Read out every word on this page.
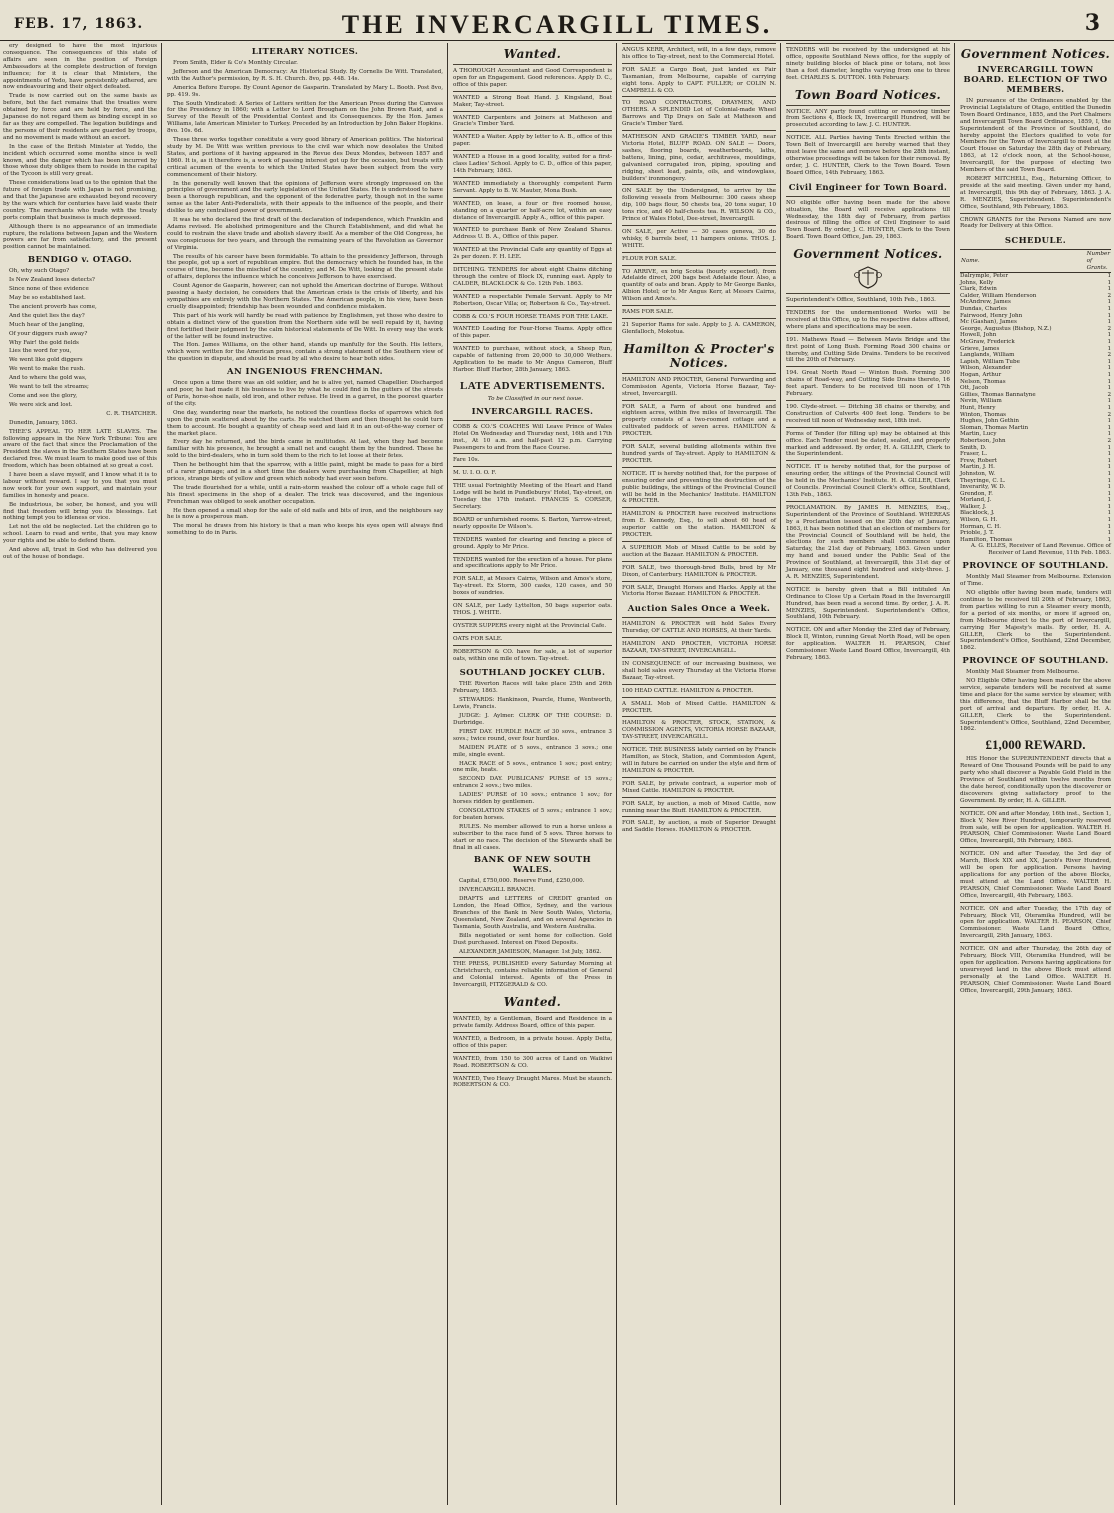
FEB. 17, 1863.	THE INVERCARGILL TIMES.	3
ery designed to have the most injurious consequence. The consequences of this state of affairs are seen in the position of Foreign Ambassadors at the complete destruction of foreign influence; for it is clear that Ministers, the appointments of Yedo, have persistently adhered, are now endeavouring and their object defeated.
Trade is now carried out on the same basis as before, but the fact remains that the treaties were obtained by force and are held by force, and the Japanese do not regard them as binding except in so far as they are compelled. The legation buildings and the persons of their residents are guarded by troops, and no movement is made without an escort.
In the case of the British Minister at Yeddo, the incident which occurred some months since is well known, and the danger which has been incurred by those whose duty obliges them to reside in the capital of the Tycoon is still very great.
These considerations lead us to the opinion that the future of foreign trade with Japan is not promising, and that the Japanese are exhausted beyond recovery by the wars which for centuries have laid waste their country. The merchants who trade with the treaty ports complain that business is much depressed.
Although there is no appearance of an immediate rupture, the relations between Japan and the Western powers are far from satisfactory, and the present position cannot be maintained.
BENDIGO v. OTAGO.
Oh, why such Otago?
Is New Zealand loses detects?
Since none of thee evidence
May be so established last.
The ancient proverb has come,
And the quiet lies the day?
Much hear of the jangling,
Of your diggers rush away?
Why Fair! the gold fields
Lies the word for you,
We went like gold diggers
We went to make the rush.
And to where the gold was,
We want to tell the streams;
Come and see the glory,
We were sick and lost.
C. R. THATCHER.
Dunedin, January, 1863.
THEE'S APPEAL TO HER LATE SLAVES. The following appears in the New York Tribune: You are aware of the fact that since the Proclamation of the President the slaves in the Southern States have been declared free. We must learn to make good use of this freedom, which has been obtained at so great a cost.
I have been a slave myself, and I know what it is to labour without reward. I say to you that you must now work for your own support, and maintain your families in honesty and peace.
Be industrious, be sober, be honest, and you will find that freedom will bring you its blessings. Let nothing tempt you to idleness or vice.
Let not the old be neglected. Let the children go to school. Learn to read and write, that you may know your rights and be able to defend them.
And above all, trust in God who has delivered you out of the house of bondage.
LITERARY NOTICES.
From Smith, Elder & Co's Monthly Circular.
Jefferson and the American Democracy: An Historical Study. By Cornelis De Witt. Translated, with the Author's permission, by R. S. H. Church. 8vo, pp. 448. 14s.
America Before Europe. By Count Agenor de Gasparin. Translated by Mary L. Booth. Post 8vo, pp. 419. 9s.
The South Vindicated: A Series of Letters written for the American Press during the Canvass for the Presidency in 1860; with a Letter to Lord Brougham on the John Brown Raid, and a Survey of the Result of the Presidential Contest and its Consequences. By the Hon. James Williams, late American Minister to Turkey. Preceded by an Introduction by John Baker Hopkins. 8vo. 10s. 6d.
These three works together constitute a very good library of American politics. The historical study by M. De Witt was written previous to the civil war which now desolates the United States, and portions of it having appeared in the Revue des Deux Mondes, between 1857 and 1860. It is, as it therefore is, a work of passing interest got up for the occasion, but treats with critical acumen of the events to which the United States have been subject from the very commencement of their history.
In the generally well known that the opinions of Jefferson were strongly impressed on the principles of government and the early legislation of the United States. He is understood to have been a thorough republican, and the opponent of the federative party, though not in the same sense as the later Anti-Federalists, with their appeals to the influence of the people, and their dislike to any centralised power of government.
It was he who declared the first draft of the declaration of independence, which Franklin and Adams revised. He abolished primogeniture and the Church Establishment, and did what he could to restrain the slave trade and abolish slavery itself. As a member of the Old Congress, he was conspicuous for two years, and through the remaining years of the Revolution as Governor of Virginia.
The results of his career have been formidable. To attain to the presidency Jefferson, through the people, got up a sort of republican empire. But the democracy which he founded has, in the course of time, become the mischief of the country; and M. De Witt, looking at the present state of affairs, deplores the influence which he conceives Jefferson to have exercised.
Count Agenor de Gasparin, however, can not uphold the American doctrine of Europe. Without passing a hasty decision, he considers that the American crisis is the crisis of liberty, and his sympathies are entirely with the Northern States. The American people, in his view, have been cruelly disappointed; friendship has been wounded and confidence mistaken.
This part of his work will hardly be read with patience by Englishmen, yet those who desire to obtain a distinct view of the question from the Northern side will be well repaid by it, having first fortified their judgment by the calm historical statements of De Witt. In every way the work of the latter will be found instructive.
The Hon. James Williams, on the other hand, stands up manfully for the South. His letters, which were written for the American press, contain a strong statement of the Southern view of the question in dispute, and should be read by all who desire to hear both sides.
AN INGENIOUS FRENCHMAN.
Once upon a time there was an old soldier, and he is alive yet, named Chapellier. Discharged and poor, he had made it his business to live by what he could find in the gutters of the streets of Paris, horse-shoe nails, old iron, and other refuse. He lived in a garret, in the poorest quarter of the city.
One day, wandering near the markets, he noticed the countless flocks of sparrows which fed upon the grain scattered about by the carts. He watched them and then thought he could turn them to account. He bought a quantity of cheap seed and laid it in an out-of-the-way corner of the market place.
Every day he returned, and the birds came in multitudes. At last, when they had become familiar with his presence, he brought a small net and caught them by the hundred. These he sold to the bird-dealers, who in turn sold them to the rich to let loose at their fetes.
Then he bethought him that the sparrow, with a little paint, might be made to pass for a bird of a rarer plumage; and in a short time the dealers were purchasing from Chapellier, at high prices, strange birds of yellow and green which nobody had ever seen before.
The trade flourished for a while, until a rain-storm washed the colour off a whole cage full of his finest specimens in the shop of a dealer. The trick was discovered, and the ingenious Frenchman was obliged to seek another occupation.
He then opened a small shop for the sale of old nails and bits of iron, and the neighbours say he is now a prosperous man.
The moral he draws from his history is that a man who keeps his eyes open will always find something to do in Paris.
Wanted.
A THOROUGH Accountant and Good Correspondent is open for an Engagement. Good references. Apply D. C., office of this paper.
WANTED a Strong Boat Hand. J. Kingsland, Boat Maker, Tay-street.
WANTED Carpenters and Joiners at Matheson and Gracie's Timber Yard.
WANTED a Waiter. Apply by letter to A. B., office of this paper.
WANTED a House in a good locality, suited for a first-class Ladies' School. Apply to C. D., office of this paper, 14th February, 1863.
WANTED immediately a thoroughly competent Farm Servant. Apply to B. W. Mauter, Mona Bush.
WANTED, on lease, a four or five roomed house, standing on a quarter or half-acre lot, within an easy distance of Invercargill. Apply A., office of this paper.
WANTED to purchase Bank of New Zealand Shares. Address U. B. A., Office of this paper.
WANTED at the Provincial Cafe any quantity of Eggs at 2s per dozen. F. H. LEE.
DITCHING. TENDERS for about eight Chains ditching through the centre of Block IX, running east. Apply to CALDER, BLACKLOCK & Co. 12th Feb. 1863.
WANTED a respectable Female Servant. Apply to Mr Robertson, Oscar Villa; or, Robertson & Co., Tay-street.
COBB & CO.'S FOUR HORSE TEAMS FOR THE LAKE.
WANTED Loading for Four-Horse Teams. Apply office of this paper.
WANTED to purchase, without stock, a Sheep Run, capable of fattening from 20,000 to 30,000 Wethers. Application to be made to Mr Angus Cameron, Bluff Harbor. Bluff Harbor, 28th January, 1863.
LATE ADVERTISEMENTS.
To be Classified in our next issue.
INVERCARGILL RACES.
COBB & CO.'S COACHES Will Leave Prince of Wales Hotel On Wednesday and Thursday next, 16th and 17th inst., At 10 a.m. and half-past 12 p.m. Carrying Passengers to and from the Race Course.
Fare 10s.
M. U. I. O. O. F.
THE usual Fortnightly Meeting of the Heart and Hand Lodge will be held in Pundleburys' Hotel, Tay-street, on Tuesday the 17th instant. FRANCIS S. CORSER, Secretary.
BOARD or unfurnished rooms. S. Barton, Yarrow-street, nearly opposite Dr Wilson's.
TENDERS wanted for clearing and fencing a piece of ground. Apply to Mr Price.
TENDERS wanted for the erection of a house. For plans and specifications apply to Mr Price.
FOR SALE, at Messrs Cairns, Wilson and Amos's store, Tay-street. Ex Storm, 300 casks, 120 cases, and 50 boxes of sundries.
ON SALE, per Lady Lyttelton, 50 bags superior oats. THOS. J. WHITE.
OYSTER SUPPERS every night at the Provincial Cafe.
OATS FOR SALE.
ROBERTSON & CO. have for sale, a lot of superior oats, within one mile of town. Tay-street.
SOUTHLAND JOCKEY CLUB.
THE Riverton Races will take place 25th and 26th February, 1863.
STEWARDS: Hankinson, Pearcle, Hume, Wentworth, Lewis, Francis.
JUDGE: J. Aylmer. CLERK OF THE COURSE: D. Durbridge.
FIRST DAY. HURDLE RACE of 30 sovs., entrance 3 sovs.; twice round, over four hurdles.
MAIDEN PLATE of 5 sovs., entrance 3 sovs.; one mile, single event.
HACK RACE of 5 sovs., entrance 1 sov.; post entry; one mile, heats.
SECOND DAY. PUBLICANS' PURSE of 15 sovs.; entrance 2 sovs.; two miles.
LADIES' PURSE of 10 sovs.; entrance 1 sov.; for horses ridden by gentlemen.
CONSOLATION STAKES of 5 sovs.; entrance 1 sov.; for beaten horses.
RULES. No member allowed to run a horse unless a subscriber to the race fund of 5 sovs. Three horses to start or no race. The decision of the Stewards shall be final in all cases.
BANK OF NEW SOUTH WALES.
Capital, £750,000. Reserve Fund, £250,000.
INVERCARGILL BRANCH.
DRAFTS and LETTERS of CREDIT granted on London, the Head Office, Sydney, and the various Branches of the Bank in New South Wales, Victoria, Queensland, New Zealand, and on several Agencies in Tasmania, South Australia, and Western Australia.
Bills negotiated or sent home for collection. Gold Dust purchased. Interest on Fixed Deposits.
ALEXANDER JAMIESON, Manager. 1st July, 1862.
THE PRESS, PUBLISHED every Saturday Morning at Christchurch, contains reliable information of General and Colonial interest. Agents of the Press in Invercargill, FITZGERALD & CO.
Wanted.
WANTED, by a Gentleman, Board and Residence in a private family. Address Board, office of this paper.
WANTED, a Bedroom, in a private house. Apply Delta, office of this paper.
WANTED, from 150 to 300 acres of Land on Waikiwi Road. ROBERTSON & CO.
WANTED, Two Heavy Draught Mares. Must be staunch. ROBERTSON & CO.
ANGUS KERR, Architect, will, in a few days, remove his office to Tay-street, next to the Commercial Hotel.
FOR SALE a Cargo Boat, just landed ex Fair Tasmanian, from Melbourne, capable of carrying eight tons. Apply to CAPT. FULLER; or COLIN N. CAMPBELL & CO.
TO ROAD CONTRACTORS, DRAYMEN, AND OTHERS. A SPLENDID Lot of Colonial-made Wheel Barrows and Tip Drays on Sale at Matheson and Gracie's Timber Yard.
MATHESON AND GRACIE'S TIMBER YARD, near Victoria Hotel, BLUFF ROAD. ON SALE — Doors, sashes, flooring boards, weatherboards, laths, battens, lining, pine, cedar, architraves, mouldings, galvanised corrugated iron, piping, spouting and ridging, sheet lead, paints, oils, and windowglass, builders' ironmongery.
ON SALE by the Undersigned, to arrive by the following vessels from Melbourne: 300 cases sheep dip, 100 bags flour, 50 chests tea, 20 tons sugar, 10 tons rice, and 40 half-chests tea. R. WILSON & CO., Prince of Wales Hotel, Dee-street, Invercargill.
ON SALE, per Active — 30 cases geneva, 30 do whisky, 6 barrels beef, 11 hampers onions. THOS. J. WHITE.
FLOUR FOR SALE.
TO ARRIVE, ex brig Scotia (hourly expected), from Adelaide direct, 200 bags best Adelaide flour. Also, a quantity of oats and bran. Apply to Mr George Banks, Albion Hotel; or to Mr Angus Kerr, at Messrs Cairns, Wilson and Amos's.
RAMS FOR SALE.
21 Superior Rams for sale. Apply to J. A. CAMERON, Glenfalloch, Mokotua.
Hamilton & Procter's Notices.
HAMILTON AND PROCTER, General Forwarding and Commission Agents, Victoria Horse Bazaar, Tay-street, Invercargill.
FOR SALE, a Farm of about one hundred and eighteen acres, within five miles of Invercargill. The property consists of a two-roomed cottage and a cultivated paddock of seven acres. HAMILTON & PROCTER.
FOR SALE, several building allotments within five hundred yards of Tay-street. Apply to HAMILTON & PROCTER.
NOTICE. IT is hereby notified that, for the purpose of ensuring order and preventing the destruction of the public buildings, the sittings of the Provincial Council will be held in the Mechanics' Institute. HAMILTON & PROCTER.
HAMILTON & PROCTER have received instructions from E. Kennedy, Esq., to sell about 60 head of superior cattle on the station. HAMILTON & PROCTER.
A SUPERIOR Mob of Mixed Cattle to be sold by auction at the Bazaar. HAMILTON & PROCTER.
FOR SALE, two thorough-bred Bulls, bred by Mr Dixon, of Canterbury. HAMILTON & PROCTER.
FOR SALE, Draught Horses and Hacks. Apply at the Victoria Horse Bazaar. HAMILTON & PROCTER.
Auction Sales Once a Week.
HAMILTON & PROCTER will hold Sales Every Thursday, OF CATTLE AND HORSES, At their Yards.
HAMILTON AND PROCTER, VICTORIA HORSE BAZAAR, TAY-STREET, INVERCARGILL.
IN CONSEQUENCE of our increasing business, we shall hold sales every Thursday at the Victoria Horse Bazaar, Tay-street.
100 HEAD CATTLE. HAMILTON & PROCTER.
A SMALL Mob of Mixed Cattle. HAMILTON & PROCTER.
HAMILTON & PROCTER, STOCK, STATION, & COMMISSION AGENTS, VICTORIA HORSE BAZAAR, TAY-STREET, INVERCARGILL.
NOTICE. THE BUSINESS lately carried on by Francis Hamilton, as Stock, Station, and Commission Agent, will in future be carried on under the style and firm of HAMILTON & PROCTER.
FOR SALE, by private contract, a superior mob of Mixed Cattle. HAMILTON & PROCTER.
FOR SALE, by auction, a mob of Mixed Cattle, now running near the Bluff. HAMILTON & PROCTER.
FOR SALE, by auction, a mob of Superior Draught and Saddle Horses. HAMILTON & PROCTER.
TENDERS will be received by the undersigned at his office, opposite Southland News office, for the supply of ninety building blocks of black pine or totara, not less than a foot diameter, lengths varying from one to three feet. CHARLES S. DUTTON. 16th February.
Town Board Notices.
NOTICE. ANY party found cutting or removing timber from Sections 4, Block IX, Invercargill Hundred, will be prosecuted according to law. J. C. HUNTER.
NOTICE. ALL Parties having Tents Erected within the Town Belt of Invercargill are hereby warned that they must leave the same and remove before the 28th instant, otherwise proceedings will be taken for their removal. By order, J. C. HUNTER, Clerk to the Town Board. Town Board Office, 14th February, 1863.
Civil Engineer for Town Board.
NO eligible offer having been made for the above situation, the Board will receive applications till Wednesday, the 18th day of February, from parties desirous of filling the office of Civil Engineer to said Town Board. By order, J. C. HUNTER, Clerk to the Town Board. Town Board Office, Jan. 29, 1863.
Government Notices.
Superintendent's Office, Southland, 10th Feb., 1863.
TENDERS for the undermentioned Works will be received at this Office, up to the respective dates affixed, where plans and specifications may be seen.
191. Mathews Road — Between Mavis Bridge and the first point of Long Bush. Forming Road 300 chains or thereby, and Cutting Side Drains. Tenders to be received till the 20th of February.
194. Great North Road — Winton Bush. Forming 300 chains of Road-way, and Cutting Side Drains thereto, 16 feet apart. Tenders to be received till noon of 17th February.
190. Clyde-street. — Ditching 38 chains or thereby, and Construction of Culverts 400 feet long. Tenders to be received till noon of Wednesday next, 18th inst.
Forms of Tender (for filling up) may be obtained at this office. Each Tender must be dated, sealed, and properly marked and addressed. By order, H. A. GILLER, Clerk to the Superintendent.
NOTICE. IT is hereby notified that, for the purpose of ensuring order, the sittings of the Provincial Council will be held in the Mechanics' Institute. H. A. GILLER, Clerk of Councils. Provincial Council Clerk's office, Southland, 13th Feb., 1863.
PROCLAMATION. By JAMES R. MENZIES, Esq., Superintendent of the Province of Southland. WHEREAS by a Proclamation issued on the 20th day of January, 1863, it has been notified that an election of members for the Provincial Council of Southland will be held, the elections for such members shall commence upon Saturday, the 21st day of February, 1863. Given under my hand and issued under the Public Seal of the Province of Southland, at Invercargill, this 31st day of January, one thousand eight hundred and sixty-three. J. A. R. MENZIES, Superintendent.
NOTICE is hereby given that a Bill intituled An Ordinance to Close Up a Certain Road in the Invercargill Hundred, has been read a second time. By order, J. A. R. MENZIES, Superintendent. Superintendent's Office, Southland, 10th February.
NOTICE. ON and after Monday the 23rd day of February, Block II, Winton, running Great North Road, will be open for application. WALTER H. PEARSON, Chief Commissioner. Waste Land Board Office, Invercargill, 4th February, 1863.
Government Notices.
INVERCARGILL TOWN BOARD. ELECTION OF TWO MEMBERS.
IN pursuance of the Ordinances enabled by the Provincial Legislature of Otago, entitled the Dunedin Town Board Ordinance, 1855, and the Port Chalmers and Invercargill Town Board Ordinance, 1859, I, the Superintendent of the Province of Southland, do hereby appoint the Electors qualified to vote for Members for the Town of Invercargill to meet at the Court House on Saturday the 28th day of February, 1863, at 12 o'clock noon, at the School-house, Invercargill, for the purpose of electing two Members of the said Town Board.
ROBERT MITCHELL, Esq., Returning Officer, to preside at the said meeting. Given under my hand, at Invercargill, this 9th day of February, 1863. J. A. R. MENZIES, Superintendent. Superintendent's Office, Southland, 9th February, 1863.
CROWN GRANTS for the Persons Named are now Ready for Delivery at this Office.
SCHEDULE.
Name.	Number of Grants.
Dalrymple, Peter	1
Johns, Kelly	1
Clark, Edwin	1
Calder, William Henderson	2
McAndrew, James	1
Dundas, Charles	1
Fairwood, Henry John	1
Mc (Gashan), James	1
George, Augustus (Bishop, N.Z.)	2
Howell, John	1
McGraw, Frederick	1
Grieve, James	1
Langlands, William	2
Lapish, William Tube	1
Wilson, Alexander	1
Hogan, Arthur	1
Nelson, Thomas	1
Ott, Jacob	1
Gillies, Thomas Bannatyne	2
Nevin, William	1
Hunt, Henry	1
Winton, Thomas	2
Hughes, John Gethin	1
Sloman, Thomas Martin	1
Martin, Lucy	1
Robertson, John	2
Smith, D.	1
Fraser, L.	1
Frew, Robert	1
Martin, J. H.	1
Johnston, W.	1
Theyringe, C. L.	1
Inverarity, W. D.	1
Grendon, F.	1
Morland, J.	1
Walker, J.	1
Blacklock, J.	1
Wilson, G. H.	1
Horman, C. H.	1
Prioble, J. T.	1
Hamilton, Thomas	1
A. G. ELLES, Receiver of Land Revenue. Office of Receiver of Land Revenue, 11th Feb. 1863.
PROVINCE OF SOUTHLAND.
Monthly Mail Steamer from Melbourne. Extension of Time.
NO eligible offer having been made, tenders will continue to be received till 20th of February, 1863, from parties willing to run a Steamer every month, for a period of six months, or more if agreed on, from Melbourne direct to the port of Invercargill, carrying Her Majesty's mails. By order, H. A. GILLER, Clerk to the Superintendent. Superintendent's Office, Southland, 22nd December, 1862.
PROVINCE OF SOUTHLAND.
Monthly Mail Steamer from Melbourne.
NO Eligible Offer having been made for the above service, separate tenders will be received at same time and place for the same service by steamer, with this difference, that the Bluff Harbor shall be the port of arrival and departure. By order, H. A. GILLER, Clerk to the Superintendent. Superintendent's Office, Southland, 22nd December, 1862.
£1,000 REWARD.
HIS Honor the SUPERINTENDENT directs that a Reward of One Thousand Pounds will be paid to any party who shall discover a Payable Gold Field in the Province of Southland within twelve months from the date hereof, conditionally upon the discoverer or discoverers giving satisfactory proof to the Government. By order, H. A. GILLER.
NOTICE. ON and after Monday, 16th inst., Section 1, Block V, New River Hundred, temporarily reserved from sale, will be open for application. WALTER H. PEARSON, Chief Commissioner. Waste Land Board Office, Invercargill, 5th February, 1863.
NOTICE. ON and after Tuesday, the 3rd day of March, Block XIX and XX, Jacob's River Hundred, will be open for application. Persons having applications for any portion of the above Blocks, must attend at the Land Office. WALTER H. PEARSON, Chief Commissioner. Waste Land Board Office, Invercargill, 4th February, 1863.
NOTICE. ON and after Tuesday, the 17th day of February, Block VII, Oteramika Hundred, will be open for application. WALTER H. PEARSON, Chief Commissioner. Waste Land Board Office, Invercargill, 29th January, 1863.
NOTICE. ON and after Thursday, the 26th day of February, Block VIII, Oteramika Hundred, will be open for application. Persons having applications for unsurveyed land in the above Block must attend personally at the Land Office. WALTER H. PEARSON, Chief Commissioner. Waste Land Board Office, Invercargill, 29th January, 1863.
